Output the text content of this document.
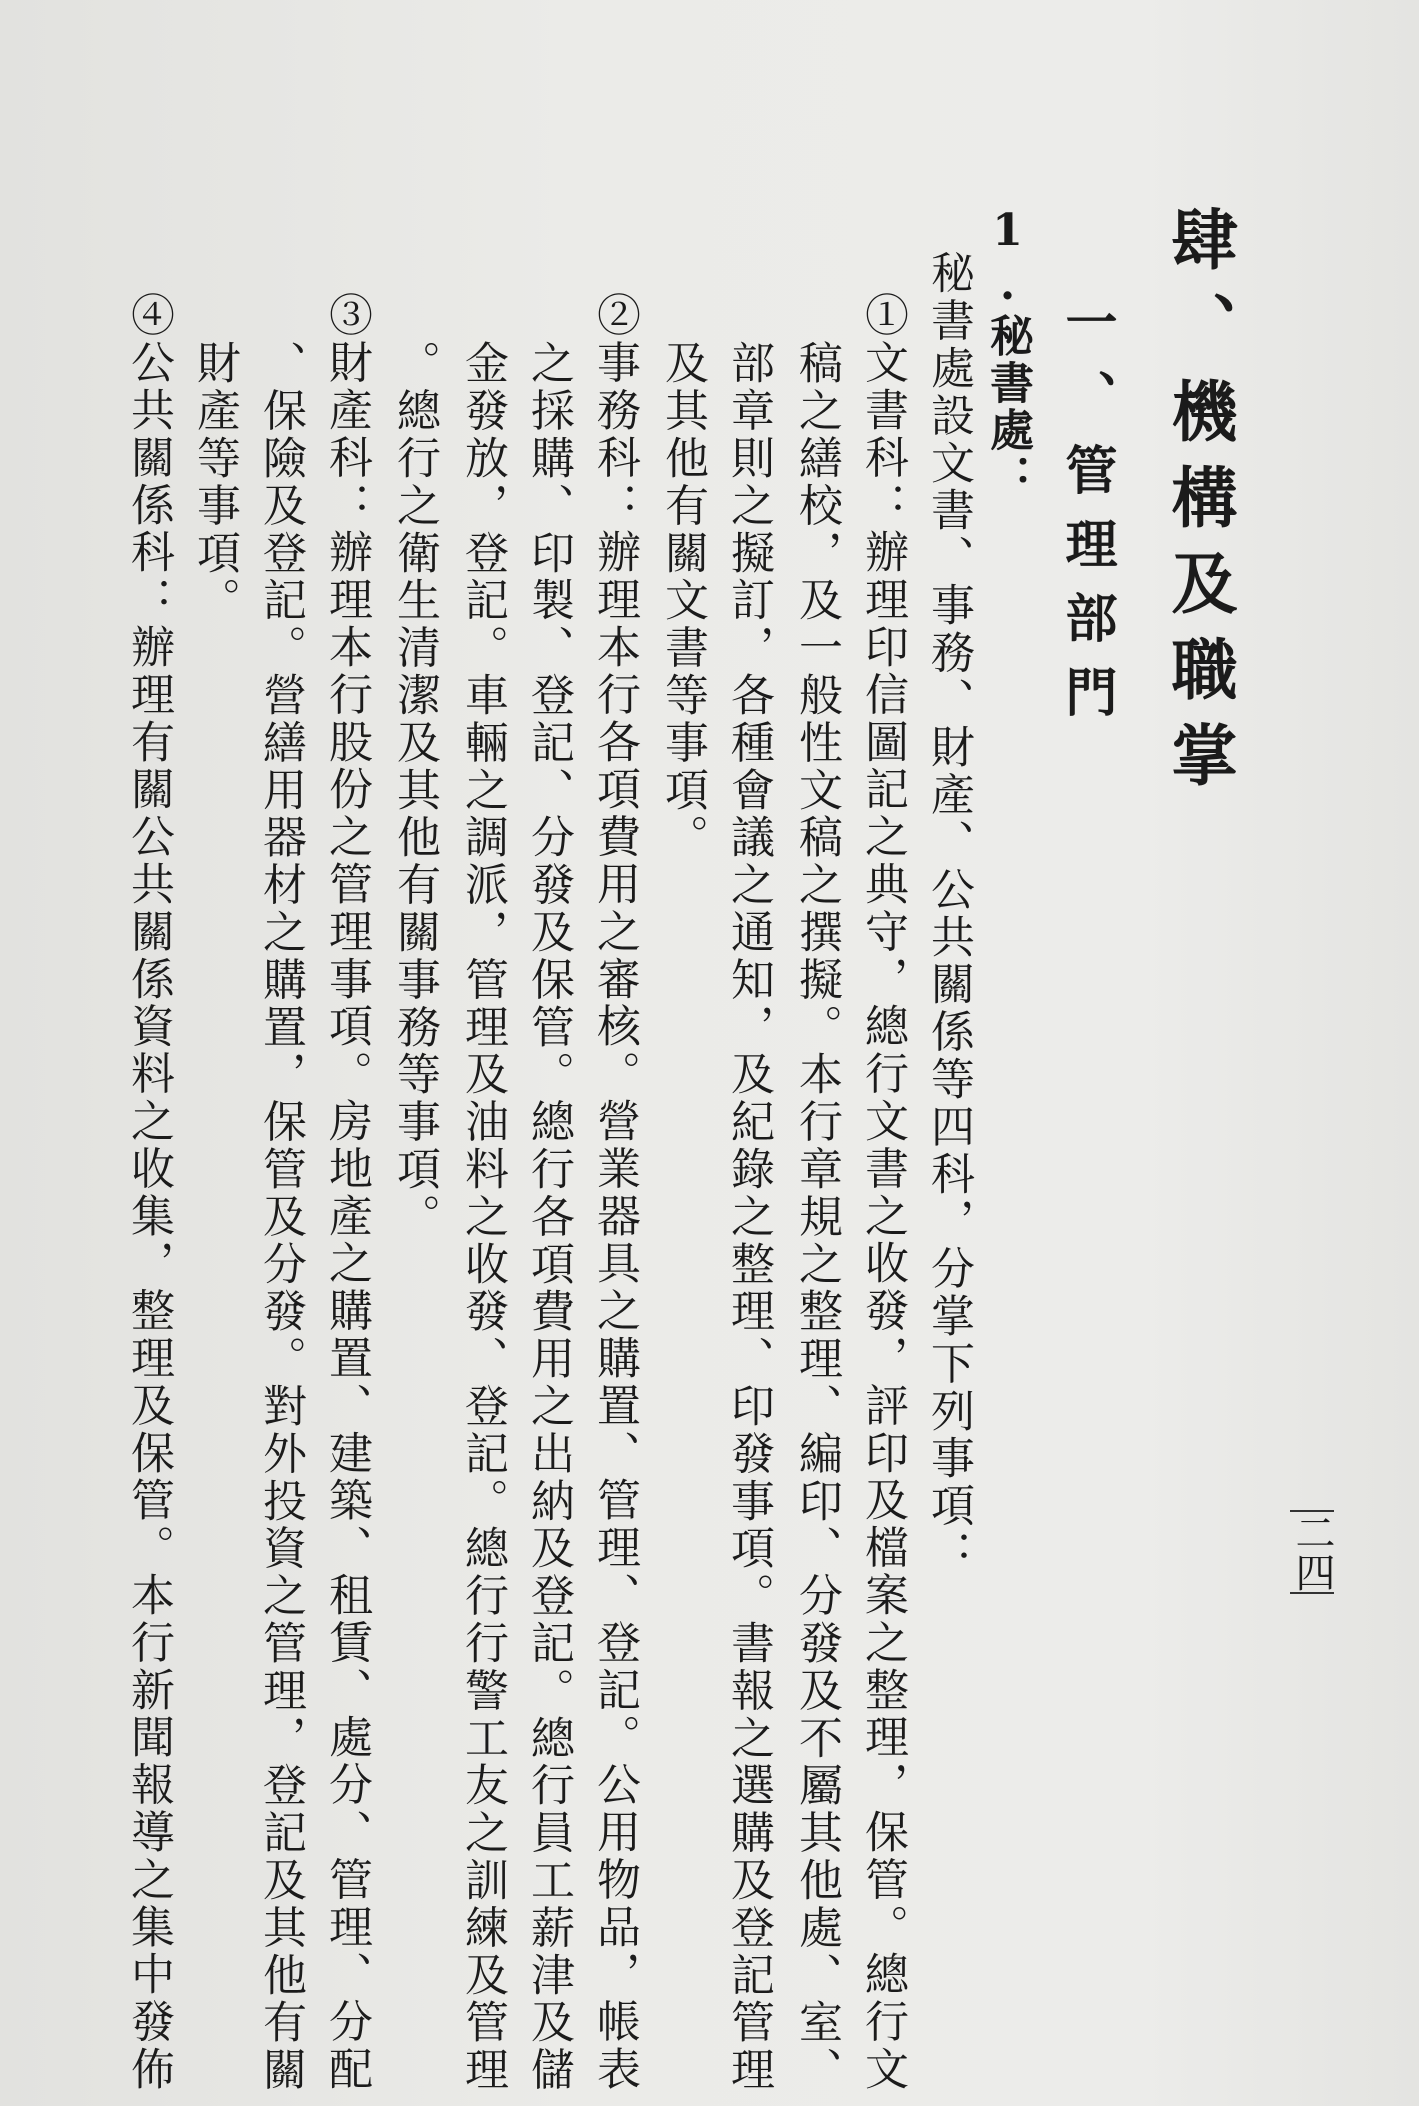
肆、機構及職掌
一、管理部門
1.秘書處：
秘書處設文書、事務、財產、公共關係等四科，分掌下列事項：
①文書科：辦理印信圖記之典守，總行文書之收發，評印及檔案之整理，保管。總行文
稿之繕校，及一般性文稿之撰擬。本行章規之整理、編印、分發及不屬其他處、室、
部章則之擬訂，各種會議之通知，及紀錄之整理、印發事項。書報之選購及登記管理
及其他有關文書等事項。
②事務科：辦理本行各項費用之審核。營業器具之購置、管理、登記。公用物品，帳表
之採購、印製、登記、分發及保管。總行各項費用之出納及登記。總行員工薪津及儲
金發放，登記。車輛之調派，管理及油料之收發、登記。總行行警工友之訓練及管理
。總行之衛生清潔及其他有關事務等事項。
③財產科：辦理本行股份之管理事項。房地產之購置、建築、租賃、處分、管理、分配
、保險及登記。營繕用器材之購置，保管及分發。對外投資之管理，登記及其他有關
財產等事項。
④公共關係科：辦理有關公共關係資料之收集，整理及保管。本行新聞報導之集中發佈	二四
